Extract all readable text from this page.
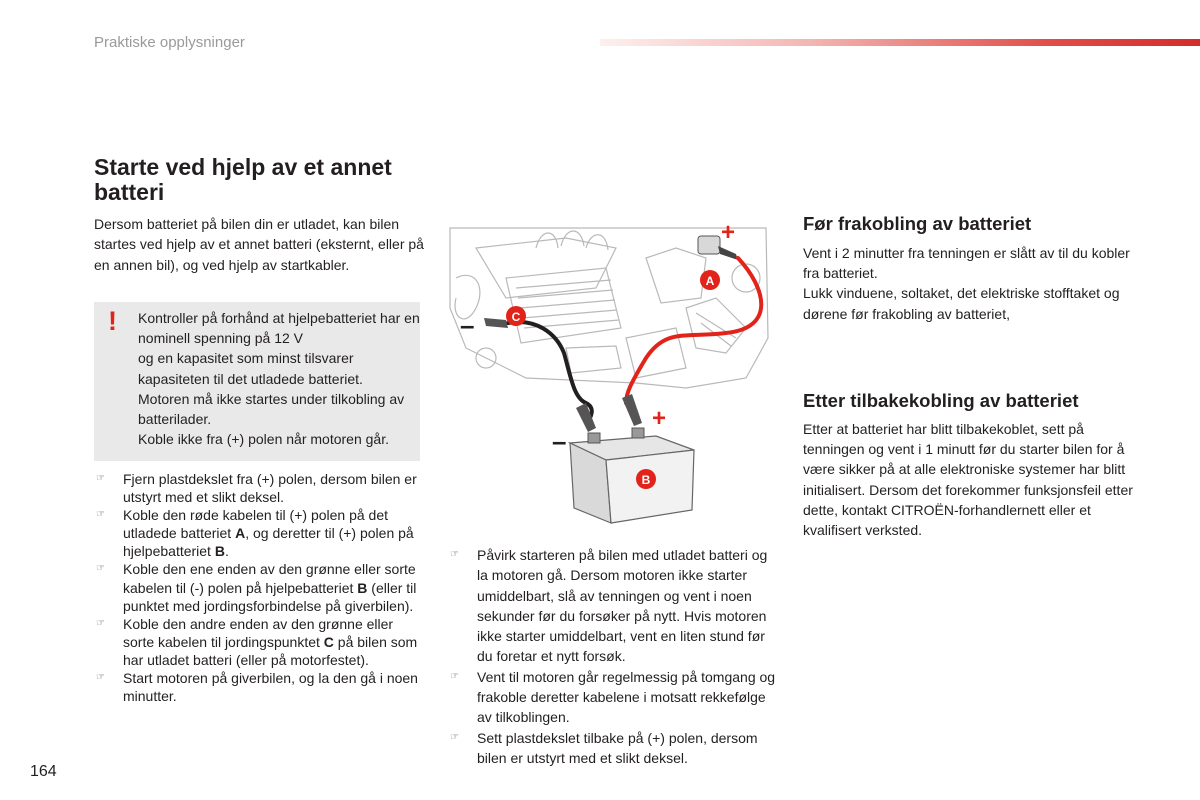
Praktiske opplysninger
Starte ved hjelp av et annet batteri

Dersom batteriet på bilen din er utladet, kan bilen startes ved hjelp av et annet batteri (eksternt, eller på en annen bil), og ved hjelp av startkabler.

! Kontroller på forhånd at hjelpebatteriet har en nominell spenning på 12 V
og en kapasitet som minst tilsvarer kapasiteten til det utladede batteriet.
Motoren må ikke startes under tilkobling av batterilader.
Koble ikke fra (+) polen når motoren går.

☞ Fjern plastdekslet fra (+) polen, dersom bilen er utstyrt med et slikt deksel.
☞ Koble den røde kabelen til (+) polen på det utladede batteriet A, og deretter til (+) polen på hjelpebatteriet B.
☞ Koble den ene enden av den grønne eller sorte kabelen til (-) polen på hjelpebatteriet B (eller til punktet med jordingsforbindelse på giverbilen).
☞ Koble den andre enden av den grønne eller sorte kabelen til jordingspunktet C på bilen som har utladet batteri (eller på motorfestet).
☞ Start motoren på giverbilen, og la den gå i noen minutter.
+
–
+
–
A
C
B
☞ Påvirk starteren på bilen med utladet batteri og la motoren gå. Dersom motoren ikke starter umiddelbart, slå av tenningen og vent i noen sekunder før du forsøker på nytt. Hvis motoren ikke starter umiddelbart, vent en liten stund før du foretar et nytt forsøk.
☞ Vent til motoren går regelmessig på tomgang og frakoble deretter kabelene i motsatt rekkefølge av tilkoblingen.
☞ Sett plastdekslet tilbake på (+) polen, dersom bilen er utstyrt med et slikt deksel.
Før frakobling av batteriet

Vent i 2 minutter fra tenningen er slått av til du kobler fra batteriet.
Lukk vinduene, soltaket, det elektriske stofftaket og dørene før frakobling av batteriet,

Etter tilbakekobling av batteriet

Etter at batteriet har blitt tilbakekoblet, sett på tenningen og vent i 1 minutt før du starter bilen for å være sikker på at alle elektroniske systemer har blitt initialisert. Dersom det forekommer funksjonsfeil etter dette, kontakt CITROËN-forhandlernett eller et kvalifisert verksted.

164
